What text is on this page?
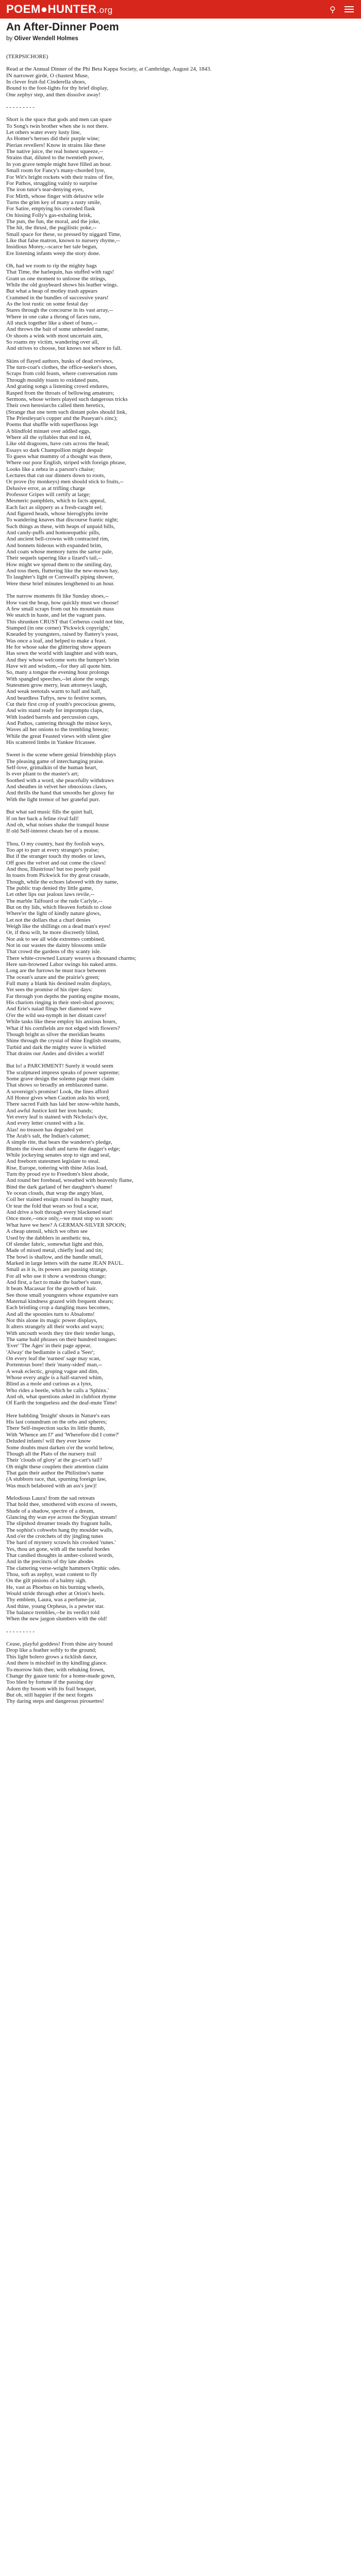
POEM●HUNTER.org	⚲
An After-Dinner Poem
by Oliver Wendell Holmes
(TERPSICHORE)
Read at the Annual Dinner of the Phi Beta Kappa Society, at Cambridge, August 24, 1843.
IN narrower girdé, O chastest Muse,
In clever fruit-ful Cinderella shoes,
Bound to the foot-lights for thy brief display,
One zephyr step, and then dissolve away!
- - - - - - - - -
Short is the space that gods and men can spare
To Song's twin brother when she is not there.
Let others water every lusty line,
As Homer's heroes did their purple wine;
Pierian revellers! Know in strains like these
The native juice, the real honest squeeze,--
Strains that, diluted to the twentieth power,
In yon grave temple might have filled an hour.
Small room for Fancy's many-chorded lyre,
For Wit's bright rockets with their trains of fire,
For Pathos, struggling vainly to surprise
The iron tutor's tear-denying eyes,
For Mirth, whose finger with delusive wile
Turns the grim key of many a rusty smile,
For Satire, emptying his corroded flask
On hissing Folly's gas-exhaling brisk,
The pun, the fun, the moral, and the joke,
The hit, the thrust, the pugilistic poke,--
Small space for these, so pressed by niggard Time,
Like that false matron, known to nursery rhyme,--
Insidious Morey,--scarce her tale begun,
Ere listening infants weep the story done.
Oh, had we room to rip the mighty bags
That Time, the harlequin, has stuffed with rags!
Grant us one moment to unloose the strings,
While the old graybeard shows his leather wings.
But what a heap of motley trash appears
Crammed in the bundles of successive years!
As the lost rustic on some festal day
Stares through the concourse in its vast array,--
Where in one cake a throng of faces runs,
All stuck together like a sheet of buns,--
And throws the bait of some unheeded name,
Or shoots a wink with most uncertain aim,
So roams my victim, wandering over all,
And strives to choose, but knows not where to fall.
Skins of flayed authors, husks of dead reviews,
The turn-coat's clothes, the office-seeker's shoes,
Scraps from cold feasts, where conversation runs
Through mouldy toasts to oxidated puns,
And grating songs a listening crowd endures,
Rasped from the throats of bellowing amateurs;
Sermons, whose writers played such dangerous tricks
Their own heresiarchs called them heretics,
(Strange that one term such distant poles should link,
The Priestleyan's copper and the Puseyan's zinc);
Poems that shuffle with superfluous legs
A blindfold minuet over addled eggs,
Where all the syllables that end in éd,
Like old dragoons, have cuts across the head;
Essays so dark Champollion might despair
To guess what mummy of a thought was there,
Where our poor English, striped with foreign phrase,
Looks like a zebra in a parson's chaise;
Lectures that cut our dinners down to roots,
Or prove (by monkeys) men should stick to fruits,--
Delusive error, as at trifling charge
Professor Gripes will certify at large;
Mesmeric pamphlets, which to facts appeal,
Each fact as slippery as a fresh-caught eel;
And figured heads, whose hieroglyphs invite
To wandering knaves that discourse frantic night;
Such things as these, with heaps of unpaid bills,
And candy-puffs and homoeopathic pills,
And ancient bell-crowns with contracted rim,
And bonnets hideous with expanded brim,
And coats whose memory turns the sartor pale,
Their sequels tapering like a lizard's tail,--
How might we spread them to the smiling day,
And toss them, fluttering like the new-mown hay,
To laughter's light or Cornwall's piping shower,
Were these brief minutes lengthened to an hour.
The narrow moments fit like Sunday shoes,--
How vast the heap, how quickly must we choose!
A few small scraps from out his mountain mass
We snatch in haste, and let the vagrant pass.
This shrunken CRUST that Cerberus could not bite,
Stamped (in one corner) 'Pickwick copyright,'
Kneaded by youngsters, raised by flattery's yeast,
Was once a loaf, and helped to make a feast.
He for whose sake the glittering show appears
Has sown the world with laughter and with tears,
And they whose welcome wets the bumper's brim
Have wit and wisdom,--for they all quote him.
So, many a tongue the evening hour prolongs
With spangled speeches,--let alone the songs;
Statesmen grow merry, lean attorneys laugh,
And weak teetotals warm to half and half,
And beardless Tuftys, new to festive scenes,
Cut their first crop of youth's precocious greens,
And wits stand ready for impromptu claps,
With loaded barrels and percussion caps,
And Pathos, cantering through the minor keys,
Waves all her onions to the trembling breeze;
While the great Feasted views with silent glee
His scattered limbs in Yankee fricassee.
Sweet is the scene where genial friendship plays
The pleasing game of interchanging praise.
Self-love, grimalkin of the human heart,
Is ever pliant to the master's art;
Soothed with a word, she peacefully withdraws
And sheathes in velvet her obnoxious claws,
And thrills the hand that smooths her glossy fur
With the light tremor of her grateful purr.
But what sad music fills the quiet hall,
If on her back a feline rival fall!
And oh, what noises shake the tranquil house
If old Self-interest cheats her of a mouse.
Thou, O my country, hast thy foolish ways,
Too apt to purr at every stranger's praise;
But if the stranger touch thy modes or laws,
Off goes the velvet and out come the claws!
And thou, Illustrious! but too poorly paid
In toasts from Pickwick for thy great crusade,
Though, while the echoes labored with thy name,
The public trap denied thy little game,
Let other lips our jealous laws revile,--
The marble Talfourd or the rude Carlyle,--
But on thy lids, which Heaven forbids to close
Where'er the light of kindly nature glows,
Let not the dollars that a churl denies
Weigh like the shillings on a dead man's eyes!
Or, if thou wilt, be more discreetly blind,
Nor ask to see all wide extremes combined.
Not in our wastes the dainty blossoms smile
That crowd the gardens of thy scanty isle.
There white-crowned Luxury weaves a thousand charms;
Here sun-browned Labor swings his naked arms.
Long are the furrows he must trace between
The ocean's azure and the prairie's green;
Full many a blank his destined realm displays,
Yet sees the promise of his riper days:
Far through yon depths the panting engine moans,
His chariots ringing in their steel-shod grooves;
And Erie's naiad flings her diamond wave
O'er the wild sea-nymph in her distant cave!
While tasks like these employ his anxious hours,
What if his cornfields are not edged with flowers?
Though bright as silver the meridian beams
Shine through the crystal of thine English streams,
Turbid and dark the mighty wave is whirled
That drains our Andes and divides a world!
But lo! a PARCHMENT! Surely it would seem
The sculptured impress speaks of power supreme;
Some grave design the solemn page must claim
That shows so broadly an emblazoned name.
A sovereign's promise! Look, the lines afford
All Honor gives when Caution asks his word;
There sacred Faith has laid her snow-white hands,
And awful Justice knit her iron bands;
Yet every leaf is stained with Nicholas's dye,
And every letter crusted with a lie.
Alas! no treason has degraded yet
The Arab's salt, the Indian's calumet;
A simple rite, that bears the wanderer's pledge,
Blunts the tiwen shaft and turns the dagger's edge;
While jockeying senates stop to sign and seal,
And freeborn statesmen legislate to steal.
Rise, Europe, tottering with thine Atlas load,
Turn thy proud eye to Freedom's blest abode,
And round her forehead, wreathed with heavenly flame,
Bind the dark garland of her daughter's shame!
Ye ocean clouds, that wrap the angry blast,
Coil her stained ensign round its haughty mast,
Or tear the fold that wears so foul a scar,
And drive a bolt through every blackened star!
Once more,--once only,--we must stop so soon:
What have we here? A GERMAN-SILVER SPOON;
A cheap utensil, which we often see
Used by the dabblers in aesthetic tea,
Of slender fabric, somewhat light and thin,
Made of mixed metal, chiefly lead and tin;
The bowl is shallow, and the handle small,
Marked in large letters with the name JEAN PAUL.
Small as it is, its powers are passing strange,
For all who use it show a wondrous change;
And first, a fact to make the barber's stare,
It beats Macassar for the growth of hair.
See those small youngsters whose expansive ears
Maternal kindness grazed with frequent shears;
Each bristling crop a dangling mass becomes,
And all the spoonies turn to Absaloms!
Nor this alone its magic power displays,
It alters strangely all their works and ways;
With uncouth words they tire their tender lungs,
The same bald phrases on their hundred tongues:
'Ever' 'The Ages' in their page appear,
'Alway' the bedlamite is called a 'Seer';
On every leaf the 'earnest' sage may scan,
Portentous bore! their 'many-sided' man,--
A weak eclectic, groping vague and dim,
Whose every angle is a half-starved whim,
Blind as a mole and curious as a lynx,
Who rides a beetle, which he calls a 'Sphinx.'
And oh, what questions asked in clubfoot rhyme
Of Earth the tongueless and the deaf-mute Time!
Here babbling 'Insight' shouts in Nature's ears
His last conundrum on the orbs and spheres;
There Self-inspection sucks its little thumb,
With 'Whence am I?' and 'Wherefore did I come?'
Deluded infants! will they ever know
Some doubts must darken o'er the world below,
Though all the Plato of the nursery trail
Their 'clouds of glory' at the go-cart's tail?
Oh might these couplets their attention claim
That gain their author the Philistine's name
(A stubborn race, that, spurning foreign law,
Was much belabored with an ass's jaw)!
Melodious Laura! from the sad retreats
That hold thee, smothered with excess of sweets,
Shade of a shadow, spectre of a dream,
Glancing thy wan eye across the Stygian stream!
The slipshod dreamer treads thy fragrant halls,
The sophist's cobwebs hang thy moulder walls,
And o'er the crotchets of thy jingling tunes
The bard of mystery scrawls his crooked 'runes.'
Yes, thou art gone, with all the tuneful hordes
That candied thoughts in amber-colored words,
And in the precincts of thy late abodes
The clattering verse-wright hammers Orphic odes.
Thou, soft as zephyr, wast content to fly
On the gilt pinions of a balmy sigh.
He, vast as Phoebus on his burning wheels,
Would stride through ether at Orion's heels.
Thy emblem, Laura, was a perfume-jar,
And thine, young Orpheus, is a pewter star.
The balance trembles,--be its verdict told
When the new jargon slumbers with the old!
- - - - - - - - -
Cease, playful goddess! From thine airy bound
Drop like a feather softly to the ground;
This light bolero grows a ticklish dance,
And there is mischief in thy kindling glance.
To-morrow bids thee, with rebuking frown,
Change thy gauze tunic for a home-made gown,
Too blest by fortune if the passing day
Adorn thy bosom with its frail bouquet,
But oh, still happier if the next forgets
Thy daring steps and dangerous pirouettes!
